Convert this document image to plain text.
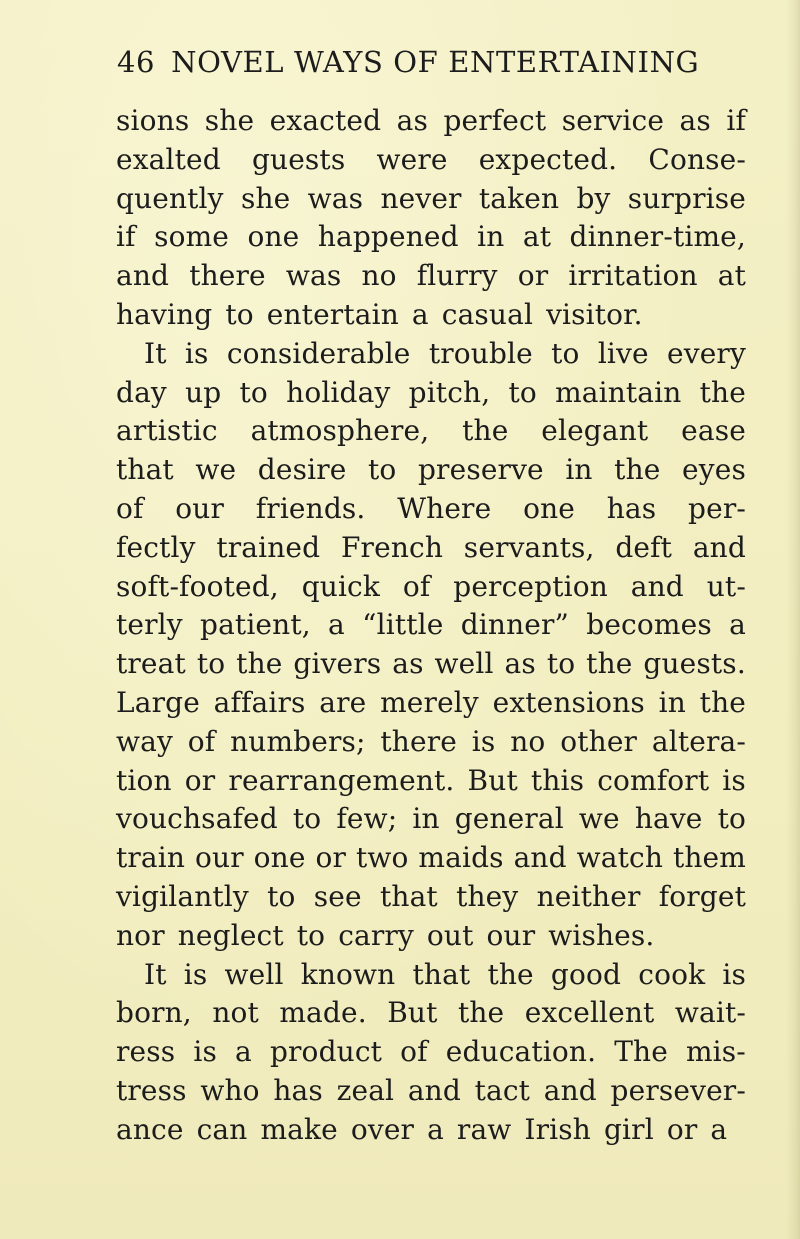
46 NOVEL WAYS OF ENTERTAINING
sions she exacted as perfect service as if
exalted guests were expected. Conse-
quently she was never taken by surprise
if some one happened in at dinner-time,
and there was no flurry or irritation at
having to entertain a casual visitor.
It is considerable trouble to live every
day up to holiday pitch, to maintain the
artistic atmosphere, the elegant ease
that we desire to preserve in the eyes
of our friends. Where one has per-
fectly trained French servants, deft and
soft-footed, quick of perception and ut-
terly patient, a “little dinner” becomes a
treat to the givers as well as to the guests.
Large affairs are merely extensions in the
way of numbers; there is no other altera-
tion or rearrangement. But this comfort is
vouchsafed to few; in general we have to
train our one or two maids and watch them
vigilantly to see that they neither forget
nor neglect to carry out our wishes.
It is well known that the good cook is
born, not made. But the excellent wait-
ress is a product of education. The mis-
tress who has zeal and tact and persever-
ance can make over a raw Irish girl or a
